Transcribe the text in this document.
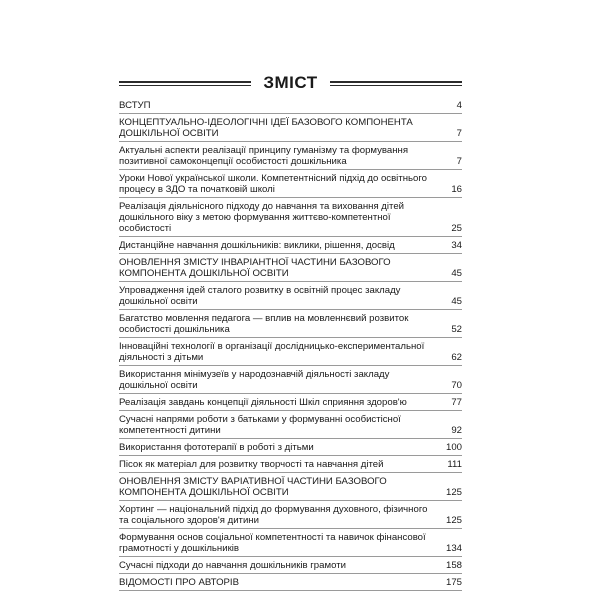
ЗМІСТ
ВСТУП	4
КОНЦЕПТУАЛЬНО-ІДЕОЛОГІЧНІ ІДЕЇ БАЗОВОГО КОМПОНЕНТА ДОШКІЛЬНОЇ ОСВІТИ	7
Актуальні аспекти реалізації принципу гуманізму та формування позитивної самоконцепції особистості дошкільника	7
Уроки Нової української школи. Компетентнісний підхід до освітнього процесу в ЗДО та початковій школі	16
Реалізація діяльнісного підходу до навчання та виховання дітей дошкільного віку з метою формування життєво-компетентної особистості	25
Дистанційне навчання дошкільників: виклики, рішення, досвід	34
ОНОВЛЕННЯ ЗМІСТУ ІНВАРІАНТНОЇ ЧАСТИНИ БАЗОВОГО КОМПОНЕНТА ДОШКІЛЬНОЇ ОСВІТИ	45
Упровадження ідей сталого розвитку в освітній процес закладу дошкільної освіти	45
Багатство мовлення педагога — вплив на мовленнєвий розвиток особистості дошкільника	52
Інноваційні технології в організації дослідницько-експериментальної діяльності з дітьми	62
Використання мінімузеїв у народознавчій діяльності закладу дошкільної освіти	70
Реалізація завдань концепції діяльності Шкіл сприяння здоров'ю	77
Сучасні напрями роботи з батьками у формуванні особистісної компетентності дитини	92
Використання фототерапії в роботі з дітьми	100
Пісок як матеріал для розвитку творчості та навчання дітей	111
ОНОВЛЕННЯ ЗМІСТУ ВАРІАТИВНОЇ ЧАСТИНИ БАЗОВОГО КОМПОНЕНТА ДОШКІЛЬНОЇ ОСВІТИ	125
Хортинг — національний підхід до формування духовного, фізичного та соціального здоров'я дитини	125
Формування основ соціальної компетентності та навичок фінансової грамотності у дошкільників	134
Сучасні підходи до навчання дошкільників грамоти	158
ВІДОМОСТІ ПРО АВТОРІВ	175
